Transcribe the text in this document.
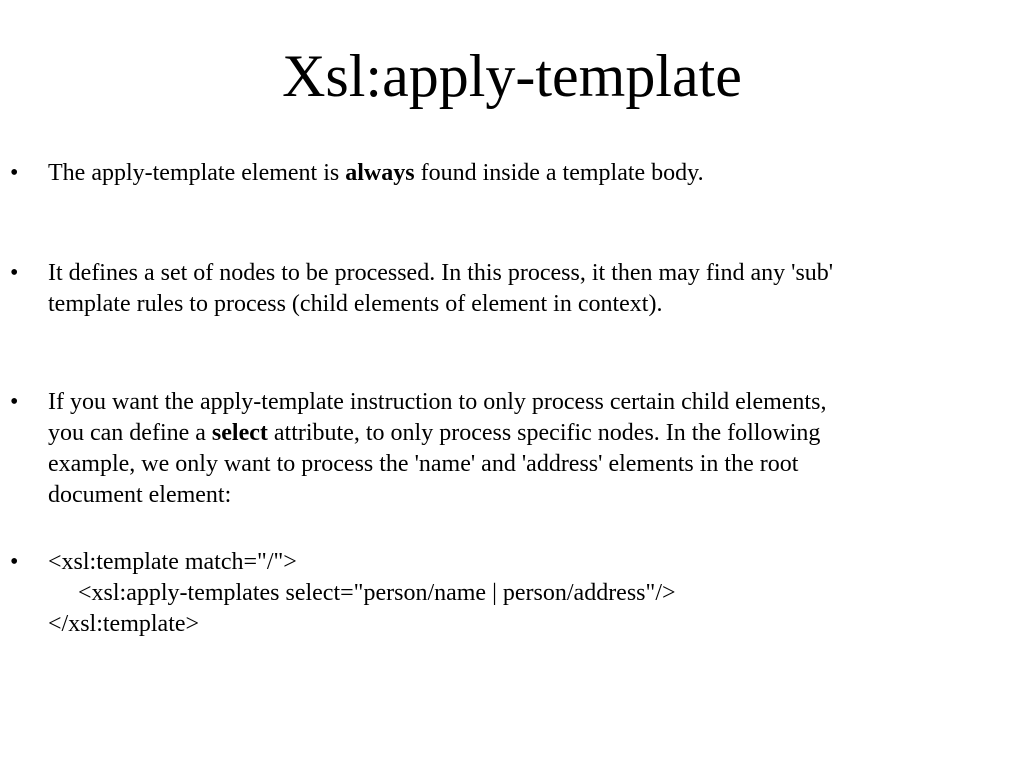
Xsl:apply-template
•	The apply-template element is always found inside a template body.
•	It defines a set of nodes to be processed. In this process, it then may find any 'sub'
template rules to process (child elements of element in context).
•	If you want the apply-template instruction to only process certain child elements,
you can define a select attribute, to only process specific nodes. In the following
example, we only want to process the 'name' and 'address' elements in the root
document element:
•	<xsl:template match="/">
<xsl:apply-templates select="person/name | person/address"/>
</xsl:template>
